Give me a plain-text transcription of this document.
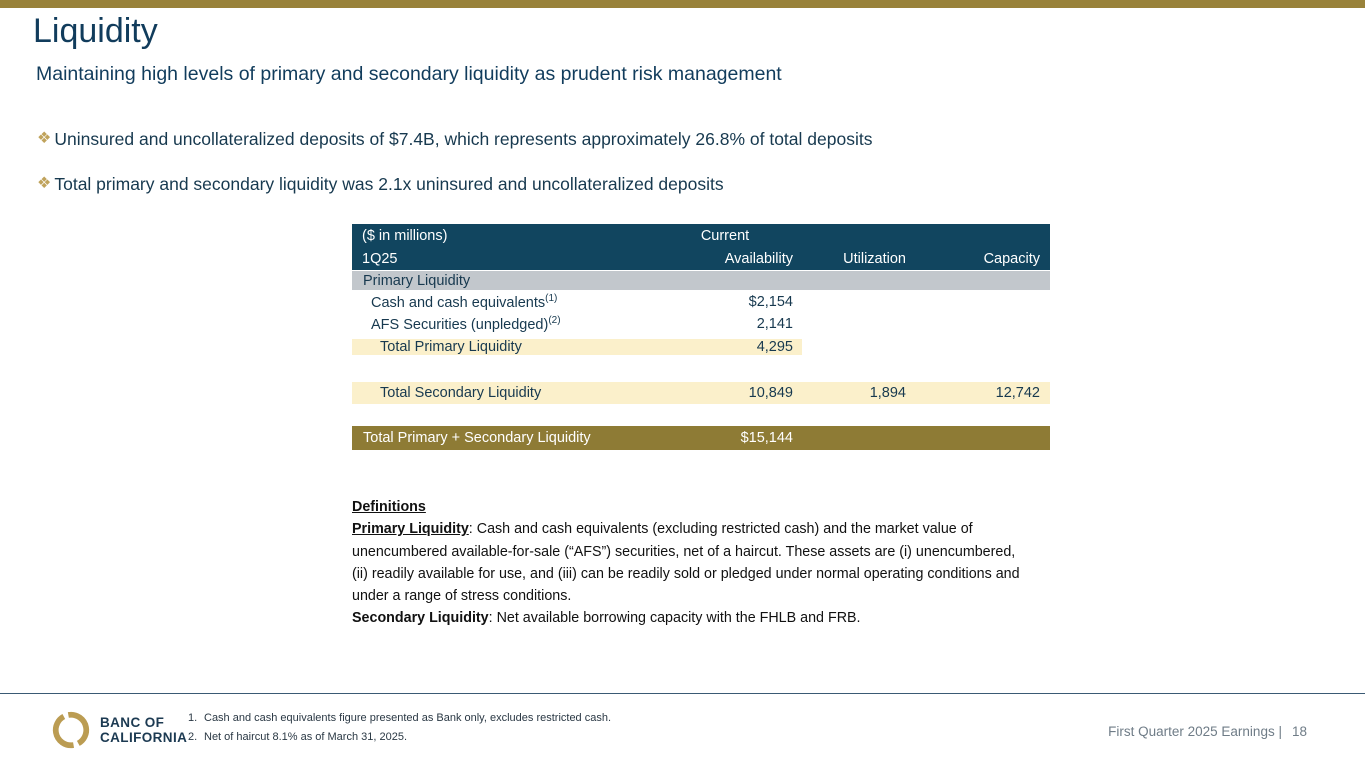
Liquidity
Maintaining high levels of primary and secondary liquidity as prudent risk management
❖ Uninsured and uncollateralized deposits of $7.4B, which represents approximately 26.8% of total deposits
❖ Total primary and secondary liquidity was 2.1x uninsured and uncollateralized deposits
($ in millions)	Current
1Q25	Availability	Utilization	Capacity
Primary Liquidity
Cash and cash equivalents$^{(1)}$	$2,154
AFS Securities (unpledged)$^{(2)}$	2,141
Total Primary Liquidity	4,295
Total Secondary Liquidity	10,849	1,894	12,742
Total Primary + Secondary Liquidity	$15,144
Definitions
Primary Liquidity: Cash and cash equivalents (excluding restricted cash) and the market value of unencumbered available-for-sale (“AFS”) securities, net of a haircut. These assets are (i) unencumbered, (ii) readily available for use, and (iii) can be readily sold or pledged under normal operating conditions and under a range of stress conditions.
Secondary Liquidity: Net available borrowing capacity with the FHLB and FRB.
BANC OF
CALIFORNIA
1. Cash and cash equivalents figure presented as Bank only, excludes restricted cash.
2. Net of haircut 8.1% as of March 31, 2025.	First Quarter 2025 Earnings | 18
